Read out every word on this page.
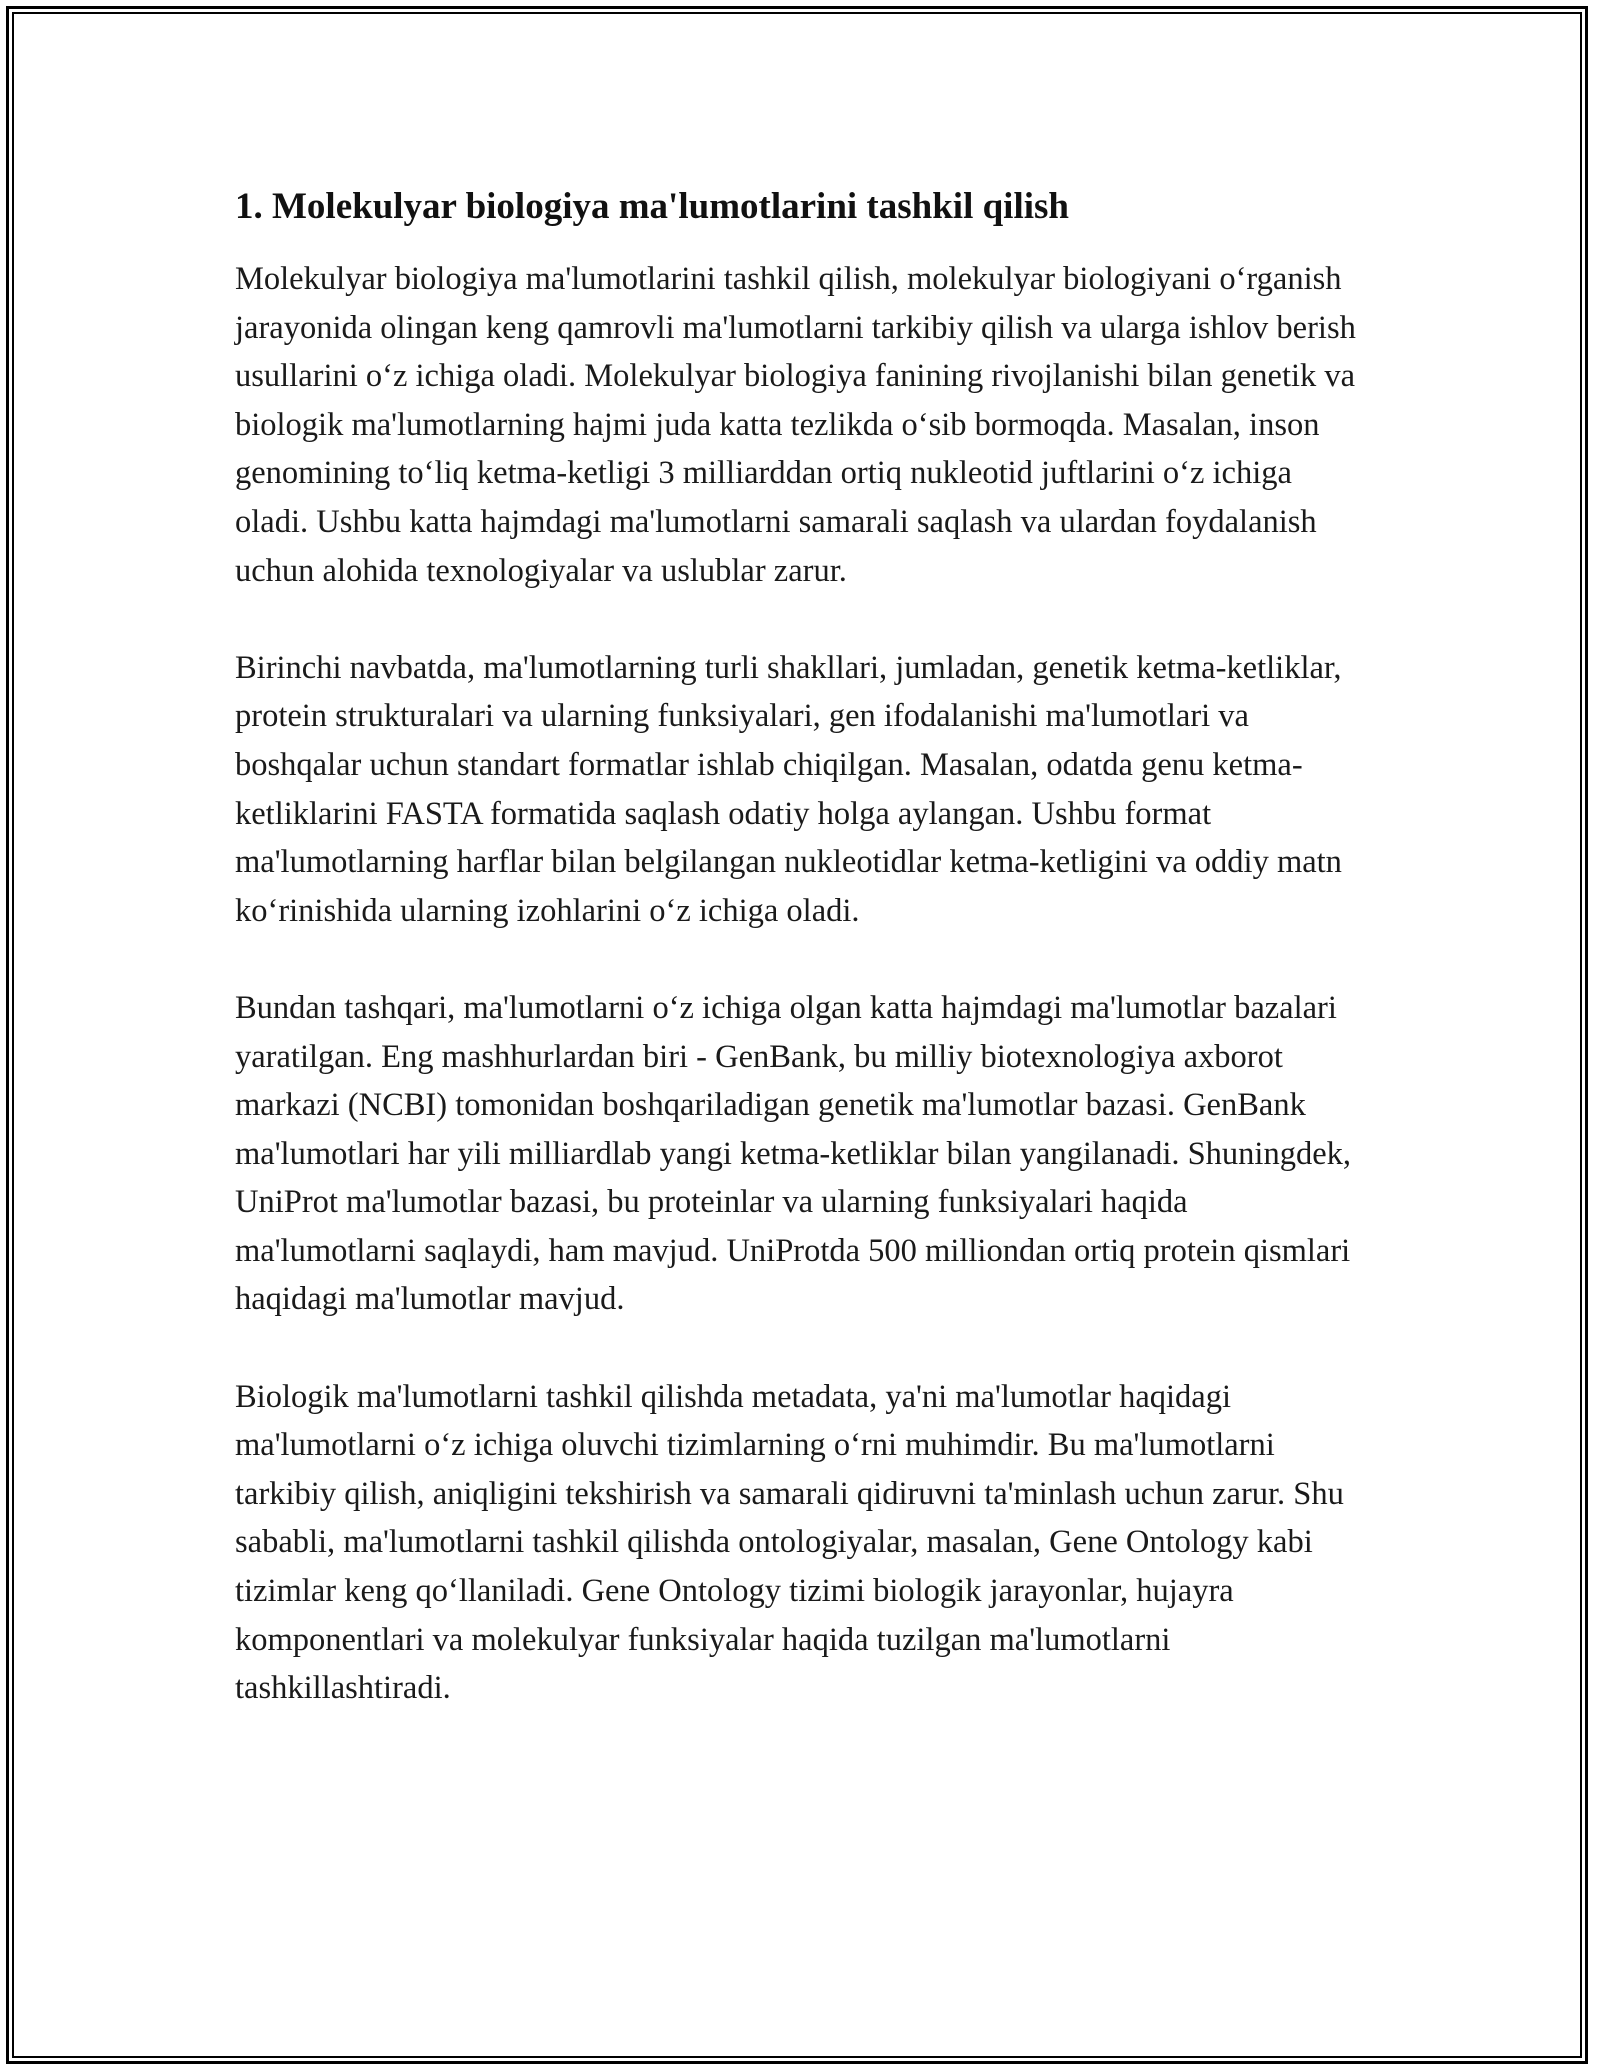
1. Molekulyar biologiya ma'lumotlarini tashkil qilish

Molekulyar biologiya ma'lumotlarini tashkil qilish, molekulyar biologiyani o‘rganish jarayonida olingan keng qamrovli ma'lumotlarni tarkibiy qilish va ularga ishlov berish usullarini o‘z ichiga oladi. Molekulyar biologiya fanining rivojlanishi bilan genetik va biologik ma'lumotlarning hajmi juda katta tezlikda o‘sib bormoqda. Masalan, inson genomining to‘liq ketma-ketligi 3 milliarddan ortiq nukleotid juftlarini o‘z ichiga oladi. Ushbu katta hajmdagi ma'lumotlarni samarali saqlash va ulardan foydalanish uchun alohida texnologiyalar va uslublar zarur.

Birinchi navbatda, ma'lumotlarning turli shakllari, jumladan, genetik ketma-ketliklar, protein strukturalari va ularning funksiyalari, gen ifodalanishi ma'lumotlari va boshqalar uchun standart formatlar ishlab chiqilgan. Masalan, odatda genu ketma-ketliklarini FASTA formatida saqlash odatiy holga aylangan. Ushbu format ma'lumotlarning harflar bilan belgilangan nukleotidlar ketma-ketligini va oddiy matn ko‘rinishida ularning izohlarini o‘z ichiga oladi.

Bundan tashqari, ma'lumotlarni o‘z ichiga olgan katta hajmdagi ma'lumotlar bazalari yaratilgan. Eng mashhurlardan biri - GenBank, bu milliy biotexnologiya axborot markazi (NCBI) tomonidan boshqariladigan genetik ma'lumotlar bazasi. GenBank ma'lumotlari har yili milliardlab yangi ketma-ketliklar bilan yangilanadi. Shuningdek, UniProt ma'lumotlar bazasi, bu proteinlar va ularning funksiyalari haqida ma'lumotlarni saqlaydi, ham mavjud. UniProtda 500 milliondan ortiq protein qismlari haqidagi ma'lumotlar mavjud.

Biologik ma'lumotlarni tashkil qilishda metadata, ya'ni ma'lumotlar haqidagi ma'lumotlarni o‘z ichiga oluvchi tizimlarning o‘rni muhimdir. Bu ma'lumotlarni tarkibiy qilish, aniqligini tekshirish va samarali qidiruvni ta'minlash uchun zarur. Shu sababli, ma'lumotlarni tashkil qilishda ontologiyalar, masalan, Gene Ontology kabi tizimlar keng qo‘llaniladi. Gene Ontology tizimi biologik jarayonlar, hujayra komponentlari va molekulyar funksiyalar haqida tuzilgan ma'lumotlarni tashkillashtiradi.
